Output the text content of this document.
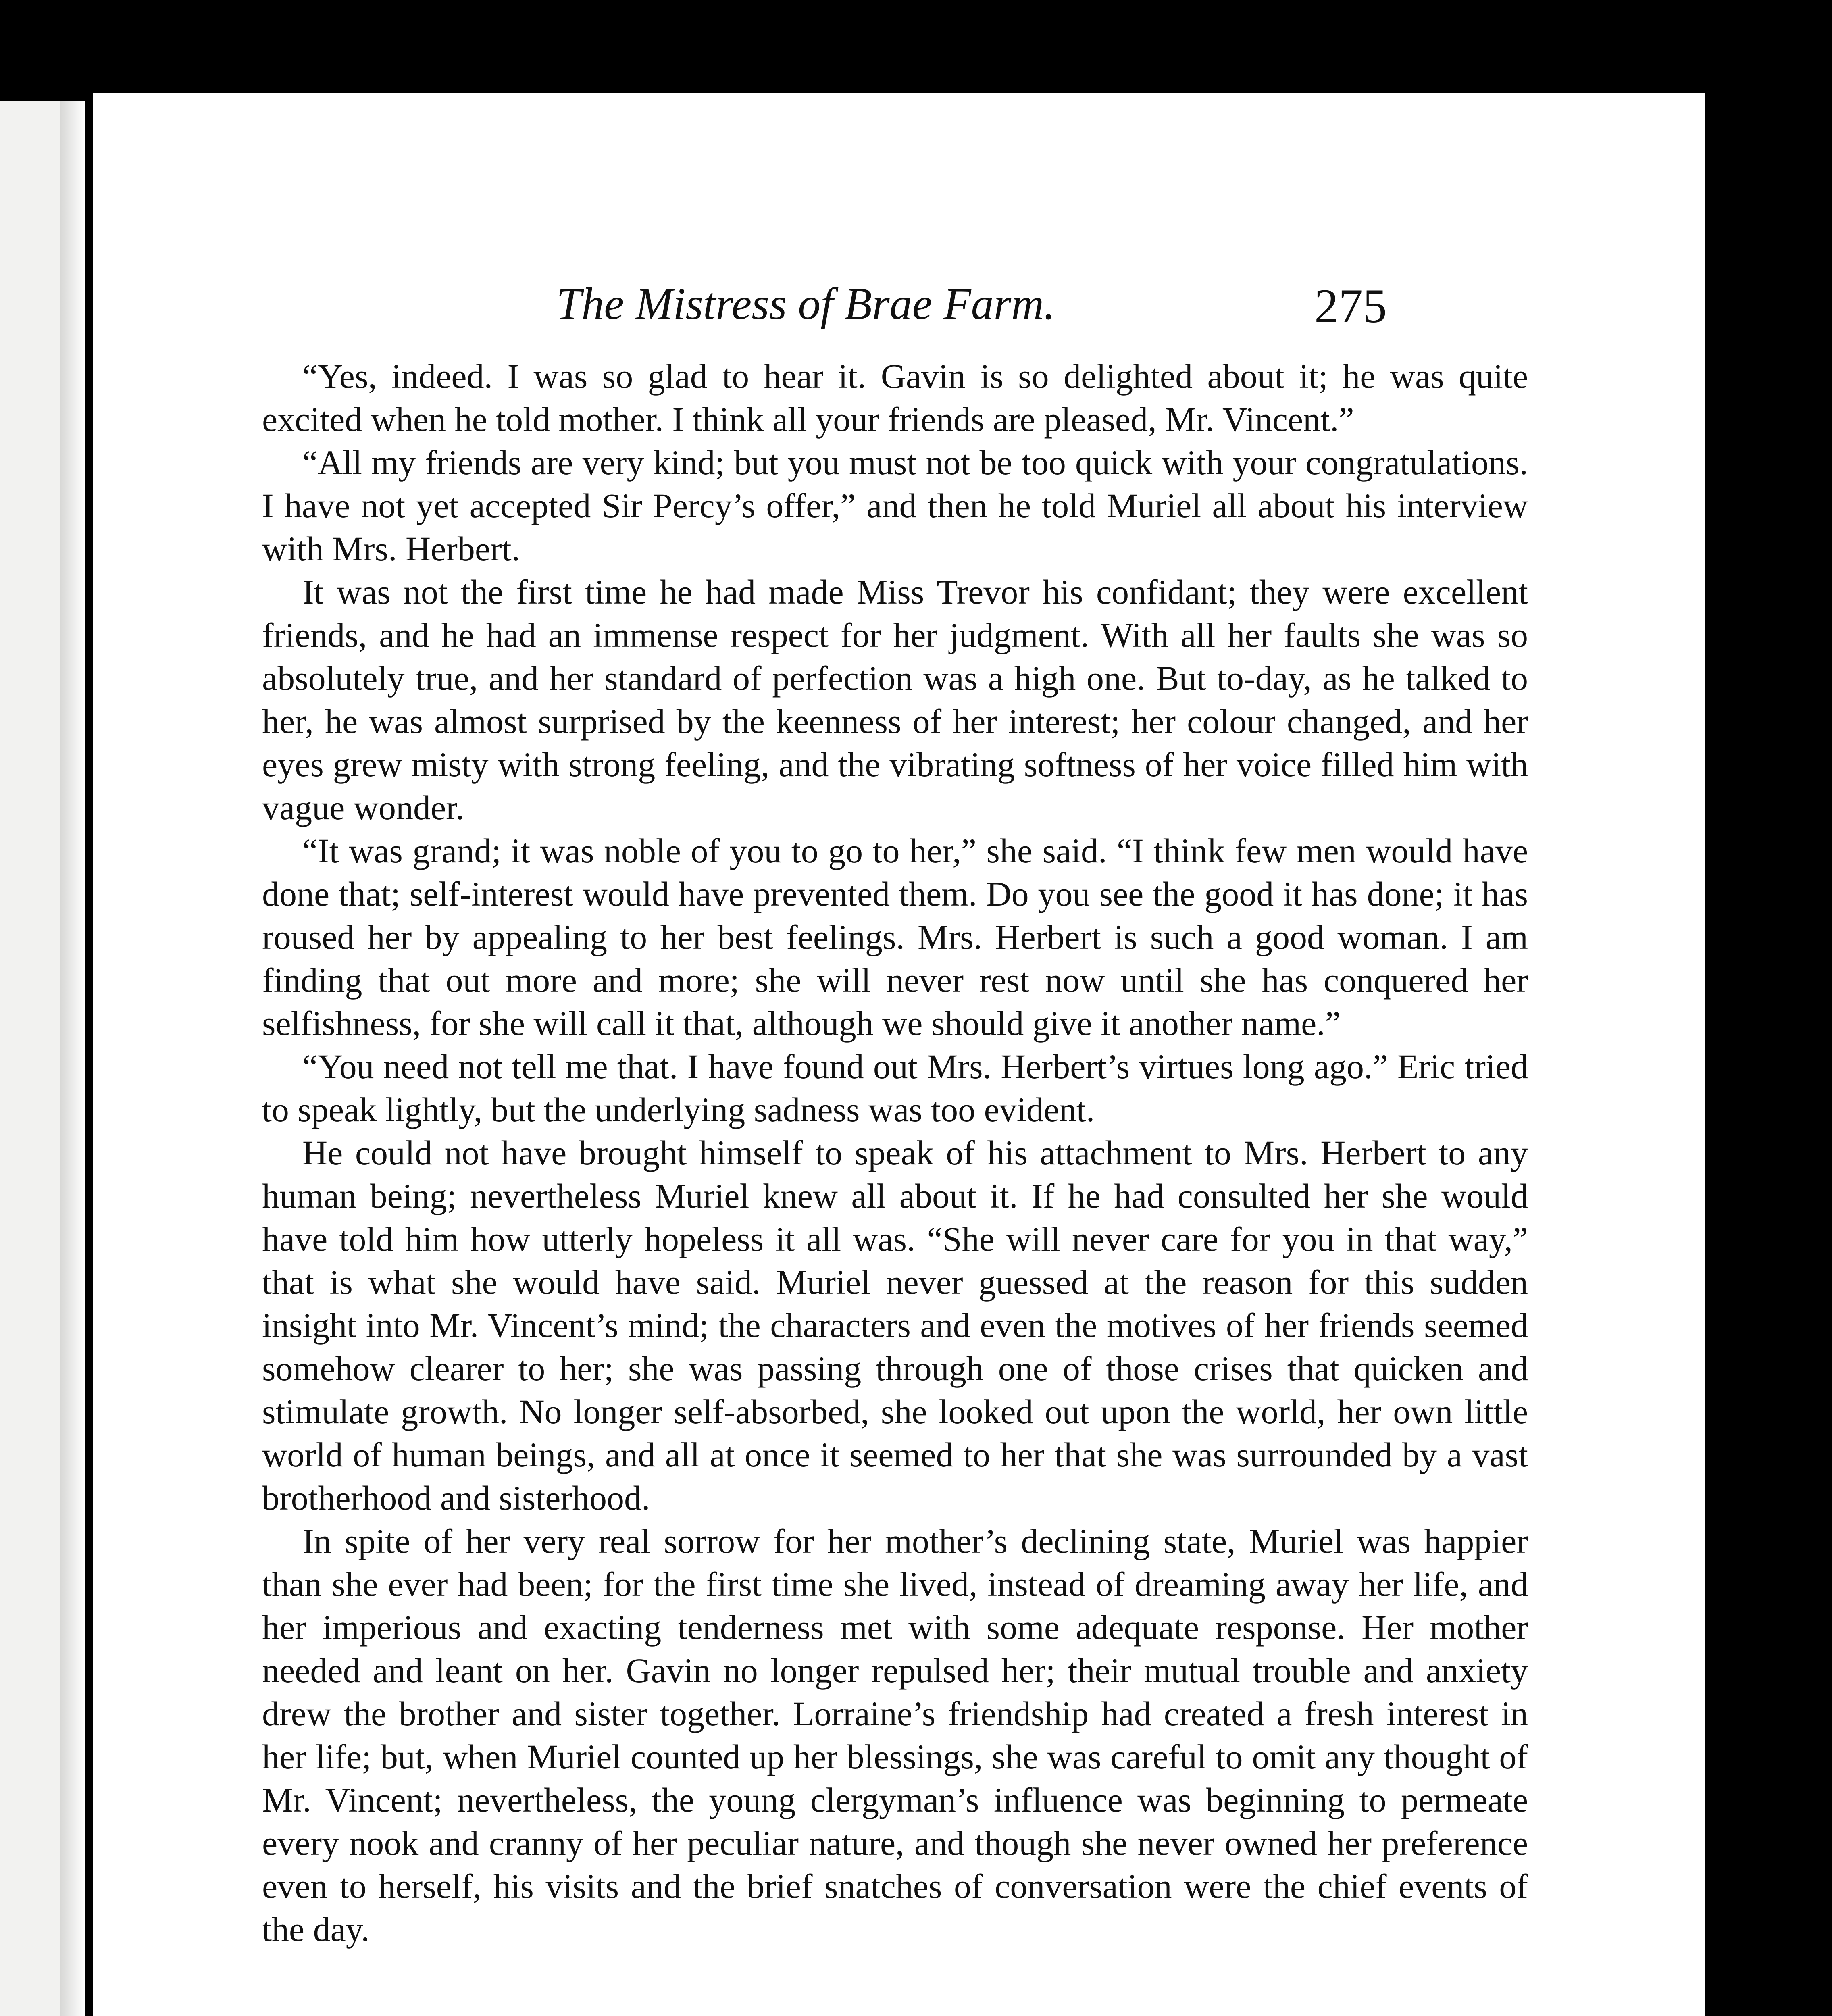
The Mistress of Brae Farm.	275

“Yes, indeed. I was so glad to hear it. Gavin is so delighted about it; he was quite excited when he told mother. I think all your friends are pleased, Mr. Vincent.”

“All my friends are very kind; but you must not be too quick with your congratulations. I have not yet accepted Sir Percy’s offer,” and then he told Muriel all about his interview with Mrs. Herbert.

It was not the first time he had made Miss Trevor his confidant; they were excellent friends, and he had an immense respect for her judgment. With all her faults she was so absolutely true, and her standard of perfection was a high one. But to-day, as he talked to her, he was almost surprised by the keenness of her interest; her colour changed, and her eyes grew misty with strong feeling, and the vibrating softness of her voice filled him with vague wonder.

“It was grand; it was noble of you to go to her,” she said. “I think few men would have done that; self-interest would have prevented them. Do you see the good it has done; it has roused her by appealing to her best feelings. Mrs. Herbert is such a good woman. I am finding that out more and more; she will never rest now until she has conquered her selfishness, for she will call it that, although we should give it another name.”

“You need not tell me that. I have found out Mrs. Herbert’s virtues long ago.” Eric tried to speak lightly, but the underlying sadness was too evident.

He could not have brought himself to speak of his attachment to Mrs. Herbert to any human being; nevertheless Muriel knew all about it. If he had consulted her she would have told him how utterly hopeless it all was. “She will never care for you in that way,” that is what she would have said. Muriel never guessed at the reason for this sudden insight into Mr. Vincent’s mind; the characters and even the motives of her friends seemed somehow clearer to her; she was passing through one of those crises that quicken and stimulate growth. No longer self-absorbed, she looked out upon the world, her own little world of human beings, and all at once it seemed to her that she was surrounded by a vast brotherhood and sisterhood.

In spite of her very real sorrow for her mother’s declining state, Muriel was happier than she ever had been; for the first time she lived, instead of dreaming away her life, and her imperious and exacting tenderness met with some adequate response. Her mother needed and leant on her. Gavin no longer repulsed her; their mutual trouble and anxiety drew the brother and sister together. Lorraine’s friendship had created a fresh interest in her life; but, when Muriel counted up her blessings, she was careful to omit any thought of Mr. Vincent; nevertheless, the young clergyman’s influence was beginning to permeate every nook and cranny of her peculiar nature, and though she never owned her preference even to herself, his visits and the brief snatches of conversation were the chief events of the day.
